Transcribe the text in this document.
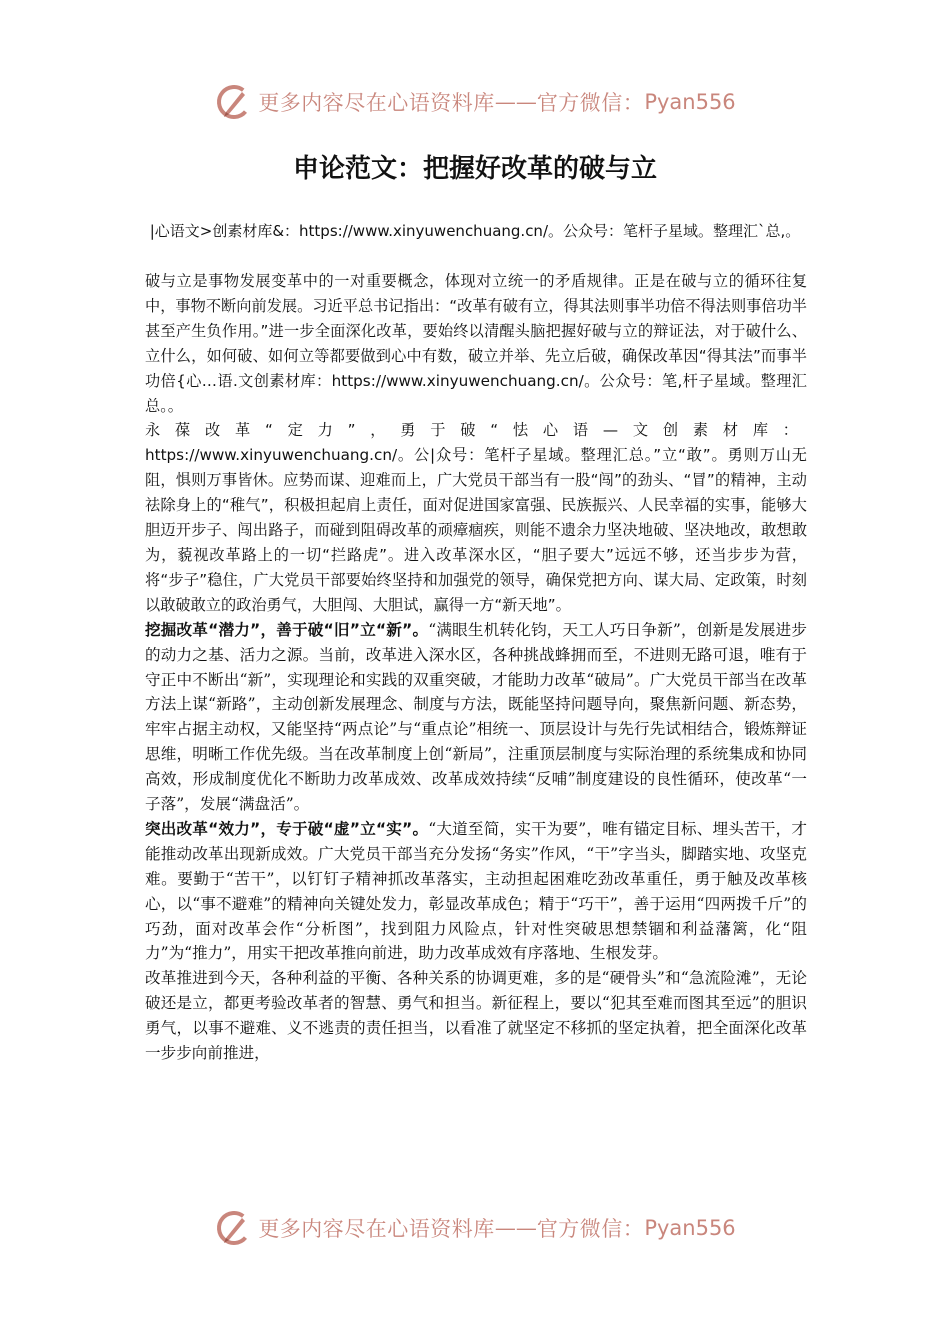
更多内容尽在心语资料库 —— 官方微信： Pyan556
申论范文：把握好改革的破与立
|心语文>创素材库&：https://www.xinyuwenchuang.cn/。公众号：笔杆子星域。整理汇`总,。

破与立是事物发展变革中的一对重要概念，体现对立统一的矛盾规律。正是在破与立的循环往复中，事物不断向前发展。习近平总书记指出：“改革有破有立，得其法则事半功倍不得法则事倍功半甚至产生负作用。”进一步全面深化改革，要始终以清醒头脑把握好破与立的辩证法，对于破什么、立什么，如何破、如何立等都要做到心中有数，破立并举、先立后破，确保改革因“得其法”而事半功倍{心…语.文创素材库：https://www.xinyuwenchuang.cn/。公众号：笔,杆子星域。整理汇总。。

永葆改革“定力”，勇于破“怯心语—文创素材库：https://www.xinyuwenchuang.cn/。公|众号：笔杆子星域。整理汇总。”立“敢”。勇则万山无阻，惧则万事皆休。应势而谋、迎难而上，广大党员干部当有一股“闯”的劲头、“冒”的精神，主动祛除身上的“稚气”，积极担起肩上责任，面对促进国家富强、民族振兴、人民幸福的实事，能够大胆迈开步子、闯出路子，而碰到阻碍改革的顽瘴痼疾，则能不遗余力坚决地破、坚决地改，敢想敢为，藐视改革路上的一切“拦路虎”。进入改革深水区，“胆子要大”远远不够，还当步步为营，将“步子”稳住，广大党员干部要始终坚持和加强党的领导，确保党把方向、谋大局、定政策，时刻以敢破敢立的政治勇气，大胆闯、大胆试，赢得一方“新天地”。

挖掘改革“潜力”，善于破“旧”立“新”。“满眼生机转化钧，天工人巧日争新”，创新是发展进步的动力之基、活力之源。当前，改革进入深水区，各种挑战蜂拥而至，不进则无路可退，唯有于守正中不断出“新”，实现理论和实践的双重突破，才能助力改革“破局”。广大党员干部当在改革方法上谋“新路”，主动创新发展理念、制度与方法，既能坚持问题导向，聚焦新问题、新态势，牢牢占据主动权，又能坚持“两点论”与“重点论”相统一、顶层设计与先行先试相结合，锻炼辩证思维，明晰工作优先级。当在改革制度上创“新局”，注重顶层制度与实际治理的系统集成和协同高效，形成制度优化不断助力改革成效、改革成效持续“反哺”制度建设的良性循环，使改革“一子落”，发展“满盘活”。

突出改革“效力”，专于破“虚”立“实”。“大道至简，实干为要”，唯有锚定目标、埋头苦干，才能推动改革出现新成效。广大党员干部当充分发扬“务实”作风，“干”字当头，脚踏实地、攻坚克难。要勤于“苦干”，以钉钉子精神抓改革落实，主动担起困难吃劲改革重任，勇于触及改革核心，以“事不避难”的精神向关键处发力，彰显改革成色；精于“巧干”，善于运用“四两拨千斤”的巧劲，面对改革会作“分析图”，找到阻力风险点，针对性突破思想禁锢和利益藩篱，化“阻力”为“推力”，用实干把改革推向前进，助力改革成效有序落地、生根发芽。

改革推进到今天，各种利益的平衡、各种关系的协调更难，多的是“硬骨头”和“急流险滩”，无论破还是立，都更考验改革者的智慧、勇气和担当。新征程上，要以“犯其至难而图其至远”的胆识勇气，以事不避难、义不逃责的责任担当，以看准了就坚定不移抓的坚定执着，把全面深化改革一步步向前推进，

更多内容尽在心语资料库 —— 官方微信： Pyan556
